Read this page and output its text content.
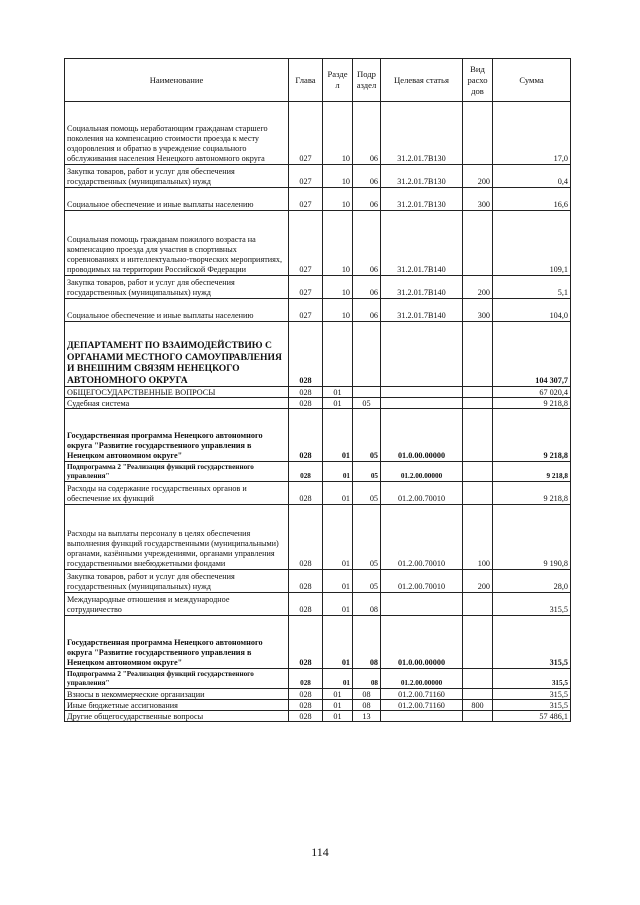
Наименование	Глава	Разде л	Подр аздел	Целевая статья	Вид расхо дов	Сумма
Социальная помощь неработающим гражданам старшего поколения на компенсацию стоимости проезда к месту оздоровления и обратно в учреждение социального обслуживания населения Ненецкого автономного округа	027	10	06	31.2.01.7В130		17,0
Закупка товаров, работ и услуг для обеспечения государственных (муниципальных) нужд	027	10	06	31.2.01.7В130	200	0,4
Социальное обеспечение и иные выплаты населению	027	10	06	31.2.01.7В130	300	16,6
Социальная помощь гражданам пожилого возраста на компенсацию проезда для участия в спортивных соревнованиях и интеллектуально-творческих мероприятиях, проводимых на территории Российской Федерации	027	10	06	31.2.01.7В140		109,1
Закупка товаров, работ и услуг для обеспечения государственных (муниципальных) нужд	027	10	06	31.2.01.7В140	200	5,1
Социальное обеспечение и иные выплаты населению	027	10	06	31.2.01.7В140	300	104,0
ДЕПАРТАМЕНТ ПО ВЗАИМОДЕЙСТВИЮ С ОРГАНАМИ МЕСТНОГО САМОУПРАВЛЕНИЯ И ВНЕШНИМ СВЯЗЯМ НЕНЕЦКОГО АВТОНОМНОГО ОКРУГА	028					104 307,7
ОБЩЕГОСУДАРСТВЕННЫЕ ВОПРОСЫ	028	01				67 020,4
Судебная система	028	01	05			9 218,8
Государственная программа Ненецкого автономного округа "Развитие государственного управления в Ненецком автономном округе"	028	01	05	01.0.00.00000		9 218,8
Подпрограмма 2 "Реализация функций государственного управления"	028	01	05	01.2.00.00000		9 218,8
Расходы на содержание государственных органов и обеспечение их функций	028	01	05	01.2.00.70010		9 218,8
Расходы на выплаты персоналу в целях обеспечения выполнения функций государственными (муниципальными) органами, казёнными учреждениями, органами управления государственными внебюджетными фондами	028	01	05	01.2.00.70010	100	9 190,8
Закупка товаров, работ и услуг для обеспечения государственных (муниципальных) нужд	028	01	05	01.2.00.70010	200	28,0
Международные отношения и международное сотрудничество	028	01	08			315,5
Государственная программа Ненецкого автономного округа "Развитие государственного управления в Ненецком автономном округе"	028	01	08	01.0.00.00000		315,5
Подпрограмма 2 "Реализация функций государственного управления"	028	01	08	01.2.00.00000		315,5
Взносы в некоммерческие организации	028	01	08	01.2.00.71160		315,5
Иные бюджетные ассигнования	028	01	08	01.2.00.71160	800	315,5
Другие общегосударственные вопросы	028	01	13			57 486,1
114
